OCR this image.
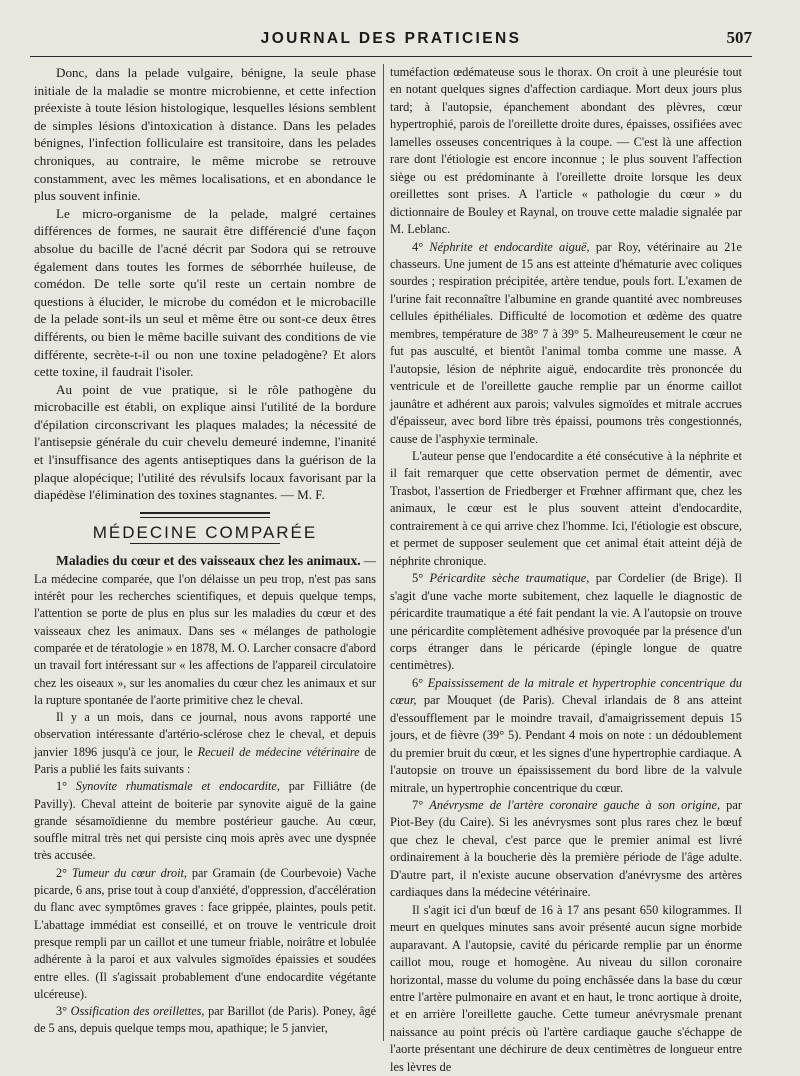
JOURNAL DES PRATICIENS	507

Donc, dans la pelade vulgaire, bénigne, la seule phase initiale de la maladie se montre microbienne, et cette infection préexiste à toute lésion histologique, lesquelles lésions semblent de simples lésions d'intoxication à distance. Dans les pelades bénignes, l'infection folliculaire est transitoire, dans les pelades chroniques, au contraire, le même microbe se retrouve constamment, avec les mêmes localisations, et en abondance le plus souvent infinie.

Le micro-organisme de la pelade, malgré certaines différences de formes, ne saurait être différencié d'une façon absolue du bacille de l'acné décrit par Sodora qui se retrouve également dans toutes les formes de séborrhée huileuse, de comédon. De telle sorte qu'il reste un certain nombre de questions à élucider, le microbe du comédon et le microbacille de la pelade sont-ils un seul et même être ou sont-ce deux êtres différents, ou bien le même bacille suivant des conditions de vie différente, secrète-t-il ou non une toxine peladogène? Et alors cette toxine, il faudrait l'isoler.

Au point de vue pratique, si le rôle pathogène du microbacille est établi, on explique ainsi l'utilité de la bordure d'épilation circonscrivant les plaques malades; la nécessité de l'antisepsie générale du cuir chevelu demeuré indemne, l'inanité et l'insuffisance des agents antiseptiques dans la guérison de la plaque alopécique; l'utilité des révulsifs locaux favorisant par la diapédèse l'élimination des toxines stagnantes. — M. F.

MÉDECINE COMPARÉE

Maladies du cœur et des vaisseaux chez les animaux. — La médecine comparée, que l'on délaisse un peu trop, n'est pas sans intérêt pour les recherches scientifiques, et depuis quelque temps, l'attention se porte de plus en plus sur les maladies du cœur et des vaisseaux chez les animaux. Dans ses « mélanges de pathologie comparée et de tératologie » en 1878, M. O. Larcher consacre d'abord un travail fort intéressant sur « les affections de l'appareil circulatoire chez les oiseaux », sur les anomalies du cœur chez les animaux et sur la rupture spontanée de l'aorte primitive chez le cheval.

Il y a un mois, dans ce journal, nous avons rapporté une observation intéressante d'artério-sclérose chez le cheval, et depuis janvier 1896 jusqu'à ce jour, le Recueil de médecine vétérinaire de Paris a publié les faits suivants :

1° Synovite rhumatismale et endocardite, par Filliâtre (de Pavilly). Cheval atteint de boiterie par synovite aiguë de la gaine grande sésamoïdienne du membre postérieur gauche. Au cœur, souffle mitral très net qui persiste cinq mois après avec une dyspnée très accusée.

2° Tumeur du cœur droit, par Gramain (de Courbevoie) Vache picarde, 6 ans, prise tout à coup d'anxiété, d'oppression, d'accélération du flanc avec symptômes graves : face grippée, plaintes, pouls petit. L'abattage immédiat est conseillé, et on trouve le ventricule droit presque rempli par un caillot et une tumeur friable, noirâtre et lobulée adhérente à la paroi et aux valvules sigmoïdes épaissies et soudées entre elles. (Il s'agissait probablement d'une endocardite végétante ulcéreuse).

3° Ossification des oreillettes, par Barillot (de Paris). Poney, âgé de 5 ans, depuis quelque temps mou, apathique; le 5 janvier,

tuméfaction œdémateuse sous le thorax. On croit à une pleurésie tout en notant quelques signes d'affection cardiaque. Mort deux jours plus tard; à l'autopsie, épanchement abondant des plèvres, cœur hypertrophié, parois de l'oreillette droite dures, épaisses, ossifiées avec lamelles osseuses concentriques à la coupe. — C'est là une affection rare dont l'étiologie est encore inconnue ; le plus souvent l'affection siège ou est prédominante à l'oreillette droite lorsque les deux oreillettes sont prises. A l'article « pathologie du cœur » du dictionnaire de Bouley et Raynal, on trouve cette maladie signalée par M. Leblanc.

4° Néphrite et endocardite aiguë, par Roy, vétérinaire au 21e chasseurs. Une jument de 15 ans est atteinte d'hématurie avec coliques sourdes ; respiration précipitée, artère tendue, pouls fort. L'examen de l'urine fait reconnaître l'albumine en grande quantité avec nombreuses cellules épithéliales. Difficulté de locomotion et œdème des quatre membres, température de 38° 7 à 39° 5. Malheureusement le cœur ne fut pas ausculté, et bientôt l'animal tomba comme une masse. A l'autopsie, lésion de néphrite aiguë, endocardite très prononcée du ventricule et de l'oreillette gauche remplie par un énorme caillot jaunâtre et adhérent aux parois; valvules sigmoïdes et mitrale accrues d'épaisseur, avec bord libre très épaissi, poumons très congestionnés, cause de l'asphyxie terminale.

L'auteur pense que l'endocardite a été consécutive à la néphrite et il fait remarquer que cette observation permet de démentir, avec Trasbot, l'assertion de Friedberger et Frœhner affirmant que, chez les animaux, le cœur est le plus souvent atteint d'endocardite, contrairement à ce qui arrive chez l'homme. Ici, l'étiologie est obscure, et permet de supposer seulement que cet animal était atteint déjà de néphrite chronique.

5° Péricardite sèche traumatique, par Cordelier (de Brige). Il s'agit d'une vache morte subitement, chez laquelle le diagnostic de péricardite traumatique a été fait pendant la vie. A l'autopsie on trouve une péricardite complètement adhésive provoquée par la présence d'un corps étranger dans le péricarde (épingle longue de quatre centimètres).

6° Epaississement de la mitrale et hypertrophie concentrique du cœur, par Mouquet (de Paris). Cheval irlandais de 8 ans atteint d'essoufflement par le moindre travail, d'amaigrissement depuis 15 jours, et de fièvre (39° 5). Pendant 4 mois on note : un dédoublement du premier bruit du cœur, et les signes d'une hypertrophie cardiaque. A l'autopsie on trouve un épaississement du bord libre de la valvule mitrale, un hypertrophie concentrique du cœur.

7° Anévrysme de l'artère coronaire gauche à son origine, par Piot-Bey (du Caire). Si les anévrysmes sont plus rares chez le bœuf que chez le cheval, c'est parce que le premier animal est livré ordinairement à la boucherie dès la première période de l'âge adulte. D'autre part, il n'existe aucune observation d'anévrysme des artères cardiaques dans la médecine vétérinaire.

Il s'agit ici d'un bœuf de 16 à 17 ans pesant 650 kilogrammes. Il meurt en quelques minutes sans avoir présenté aucun signe morbide auparavant. A l'autopsie, cavité du péricarde remplie par un énorme caillot mou, rouge et homogène. Au niveau du sillon coronaire horizontal, masse du volume du poing enchâssée dans la base du cœur entre l'artère pulmonaire en avant et en haut, le tronc aortique à droite, et en arrière l'oreillette gauche. Cette tumeur anévrysmale prenant naissance au point précis où l'artère cardiaque gauche s'échappe de l'aorte présentant une déchirure de deux centimètres de longueur entre les lèvres de
